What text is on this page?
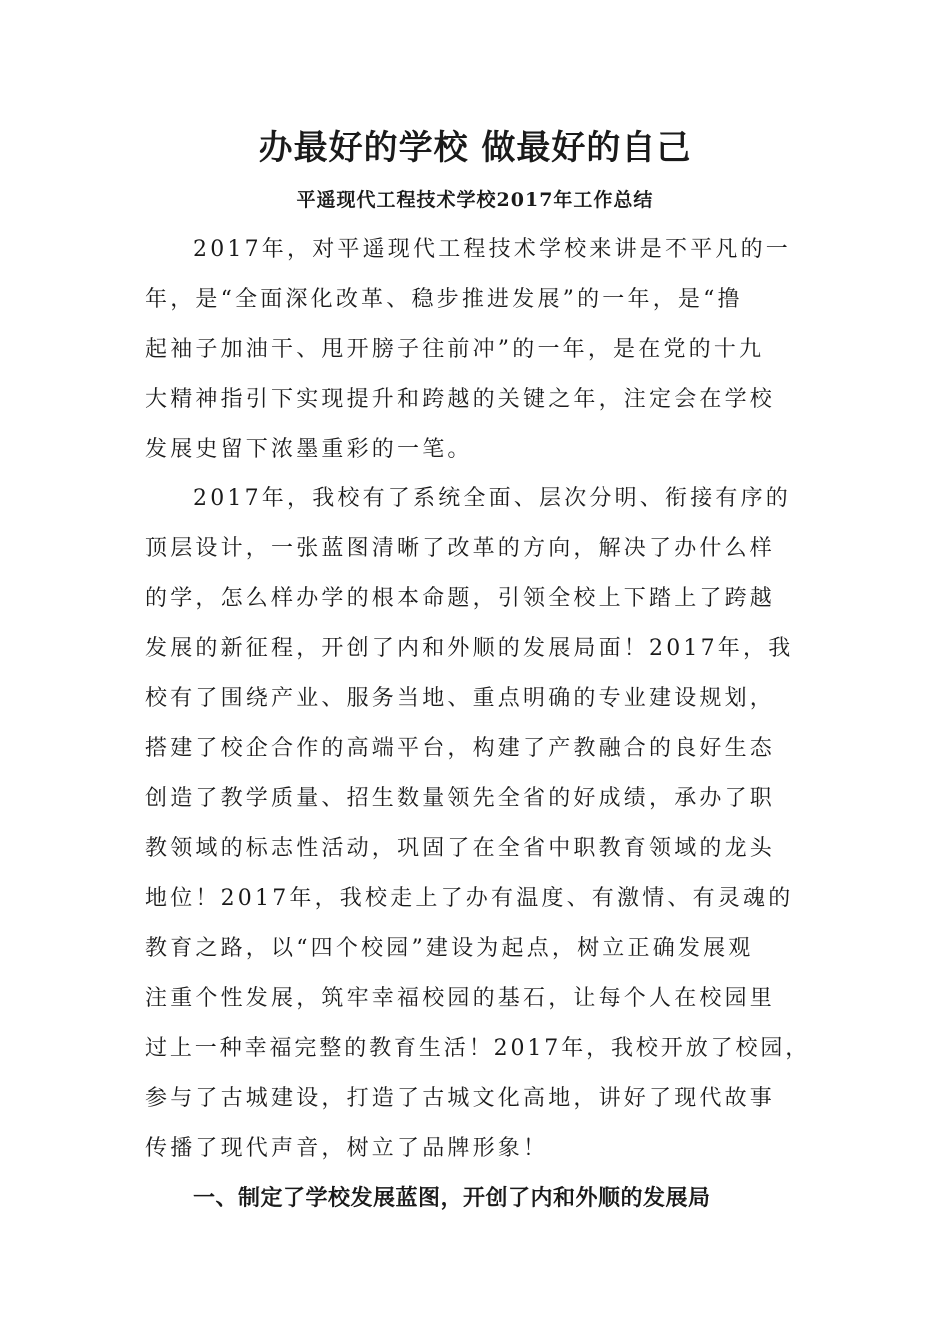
办最好的学校 做最好的自己
平遥现代工程技术学校2017年工作总结

2017年，对平遥现代工程技术学校来讲是不平凡的一

年，是“全面深化改革、稳步推进发展”的一年，是“撸

起袖子加油干、甩开膀子往前冲”的一年，是在党的十九

大精神指引下实现提升和跨越的关键之年，注定会在学校

发展史留下浓墨重彩的一笔。

2017年，我校有了系统全面、层次分明、衔接有序的

顶层设计，一张蓝图清晰了改革的方向，解决了办什么样

的学，怎么样办学的根本命题，引领全校上下踏上了跨越

发展的新征程，开创了内和外顺的发展局面！2017年，我

校有了围绕产业、服务当地、重点明确的专业建设规划，

搭建了校企合作的高端平台，构建了产教融合的良好生态

创造了教学质量、招生数量领先全省的好成绩，承办了职

教领域的标志性活动，巩固了在全省中职教育领域的龙头

地位！2017年，我校走上了办有温度、有激情、有灵魂的

教育之路，以“四个校园”建设为起点，树立正确发展观

注重个性发展，筑牢幸福校园的基石，让每个人在校园里

过上一种幸福完整的教育生活！2017年，我校开放了校园，

参与了古城建设，打造了古城文化高地，讲好了现代故事

传播了现代声音，树立了品牌形象！

一、制定了学校发展蓝图，开创了内和外顺的发展局
